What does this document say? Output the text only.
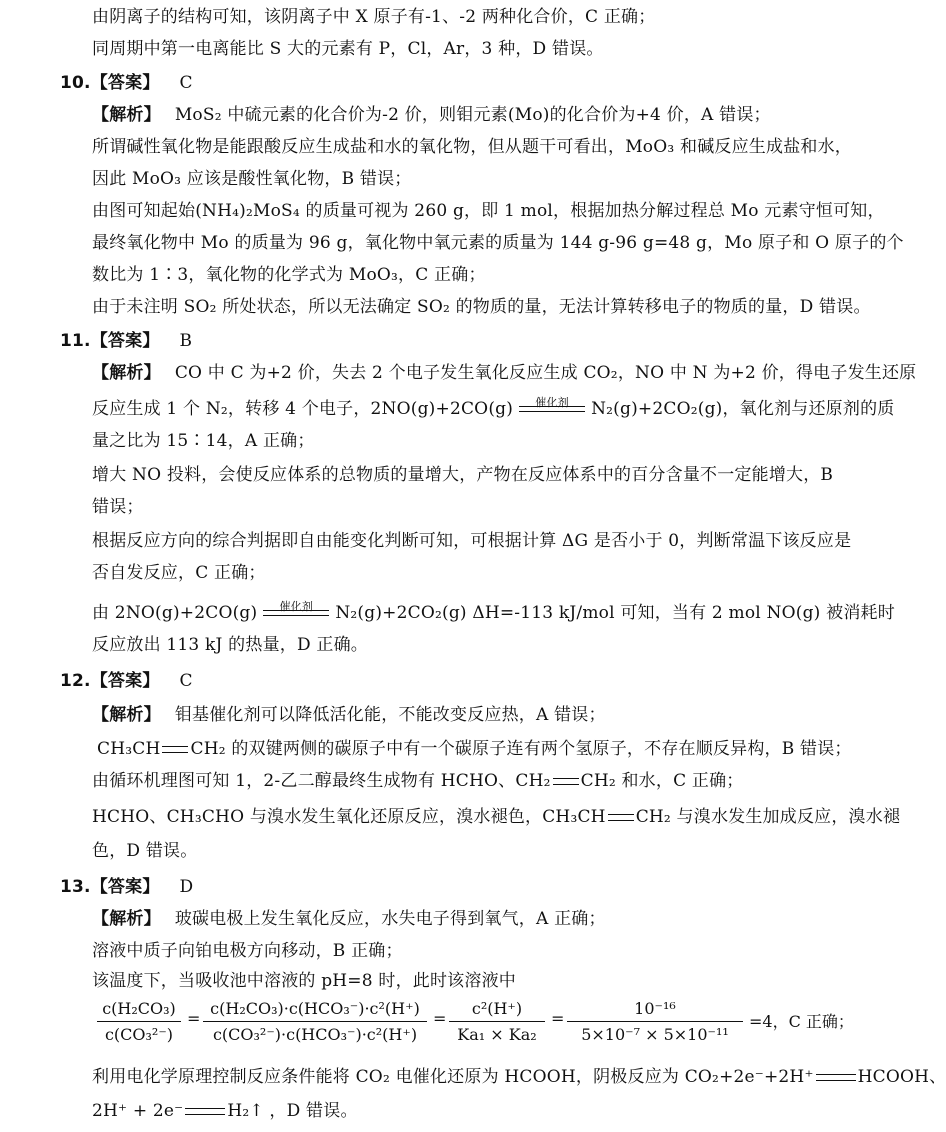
由阴离子的结构可知，该阴离子中 X 原子有-1、-2 两种化合价，C 正确；
同周期中第一电离能比 S 大的元素有 P，Cl，Ar，3 种，D 错误。
10.【答案】 C
【解析】 MoS₂ 中硫元素的化合价为-2 价，则钼元素(Mo)的化合价为+4 价，A 错误；
所谓碱性氧化物是能跟酸反应生成盐和水的氧化物，但从题干可看出，MoO₃ 和碱反应生成盐和水，
因此 MoO₃ 应该是酸性氧化物，B 错误；
由图可知起始(NH₄)₂MoS₄ 的质量可视为 260 g，即 1 mol，根据加热分解过程总 Mo 元素守恒可知，
最终氧化物中 Mo 的质量为 96 g，氧化物中氧元素的质量为 144 g-96 g=48 g，Mo 原子和 O 原子的个
数比为 1∶3，氧化物的化学式为 MoO₃，C 正确；
由于未注明 SO₂ 所处状态，所以无法确定 SO₂ 的物质的量，无法计算转移电子的物质的量，D 错误。
11.【答案】 B
【解析】 CO 中 C 为+2 价，失去 2 个电子发生氧化反应生成 CO₂，NO 中 N 为+2 价，得电子发生还原
反应生成 1 个 N₂，转移 4 个电子，2NO(g)+2CO(g)	催化剂	N₂(g)+2CO₂(g)，氧化剂与还原剂的质
量之比为 15∶14，A 正确；
增大 NO 投料，会使反应体系的总物质的量增大，产物在反应体系中的百分含量不一定能增大，B
错误；
根据反应方向的综合判据即自由能变化判断可知，可根据计算 ΔG 是否小于 0，判断常温下该反应是
否自发反应，C 正确；
由 2NO(g)+2CO(g)	催化剂	N₂(g)+2CO₂(g) ΔH=-113 kJ/mol 可知，当有 2 mol NO(g) 被消耗时
反应放出 113 kJ 的热量，D 正确。
12.【答案】 C
【解析】 钼基催化剂可以降低活化能，不能改变反应热，A 错误；
CH₃CH CH₂ 的双键两侧的碳原子中有一个碳原子连有两个氢原子，不存在顺反异构，B 错误；
由循环机理图可知 1，2-乙二醇最终生成物有 HCHO、CH₂ CH₂ 和水，C 正确；
HCHO、CH₃CHO 与溴水发生氧化还原反应，溴水褪色，CH₃CH CH₂ 与溴水发生加成反应，溴水褪
色，D 错误。
13.【答案】 D
【解析】 玻碳电极上发生氧化反应，水失电子得到氧气，A 正确；
溶液中质子向铂电极方向移动，B 正确；
该温度下，当吸收池中溶液的 pH=8 时，此时该溶液中
$\frac{\text{c(H₂CO₃)}}{\text{c(CO₃²⁻)}}$ =
c(H₂CO₃)·c(HCO₃⁻)·c²(H⁺)
c(CO₃²⁻)·c(HCO₃⁻)·c²(H⁺)
= $\frac{\text{c²(H⁺)}}{\text{Ka₁ × Ka₂}} = \frac{\text{10⁻¹⁶}}{\text{5×10⁻⁷ × 5×10⁻¹¹}} =4$，C 正确；
利用电化学原理控制反应条件能将 CO₂ 电催化还原为 HCOOH，阴极反应为 CO₂+2e⁻+2H⁺	HCOOH、
2H⁺ + 2e⁻	H₂↑ ，D 错误。
